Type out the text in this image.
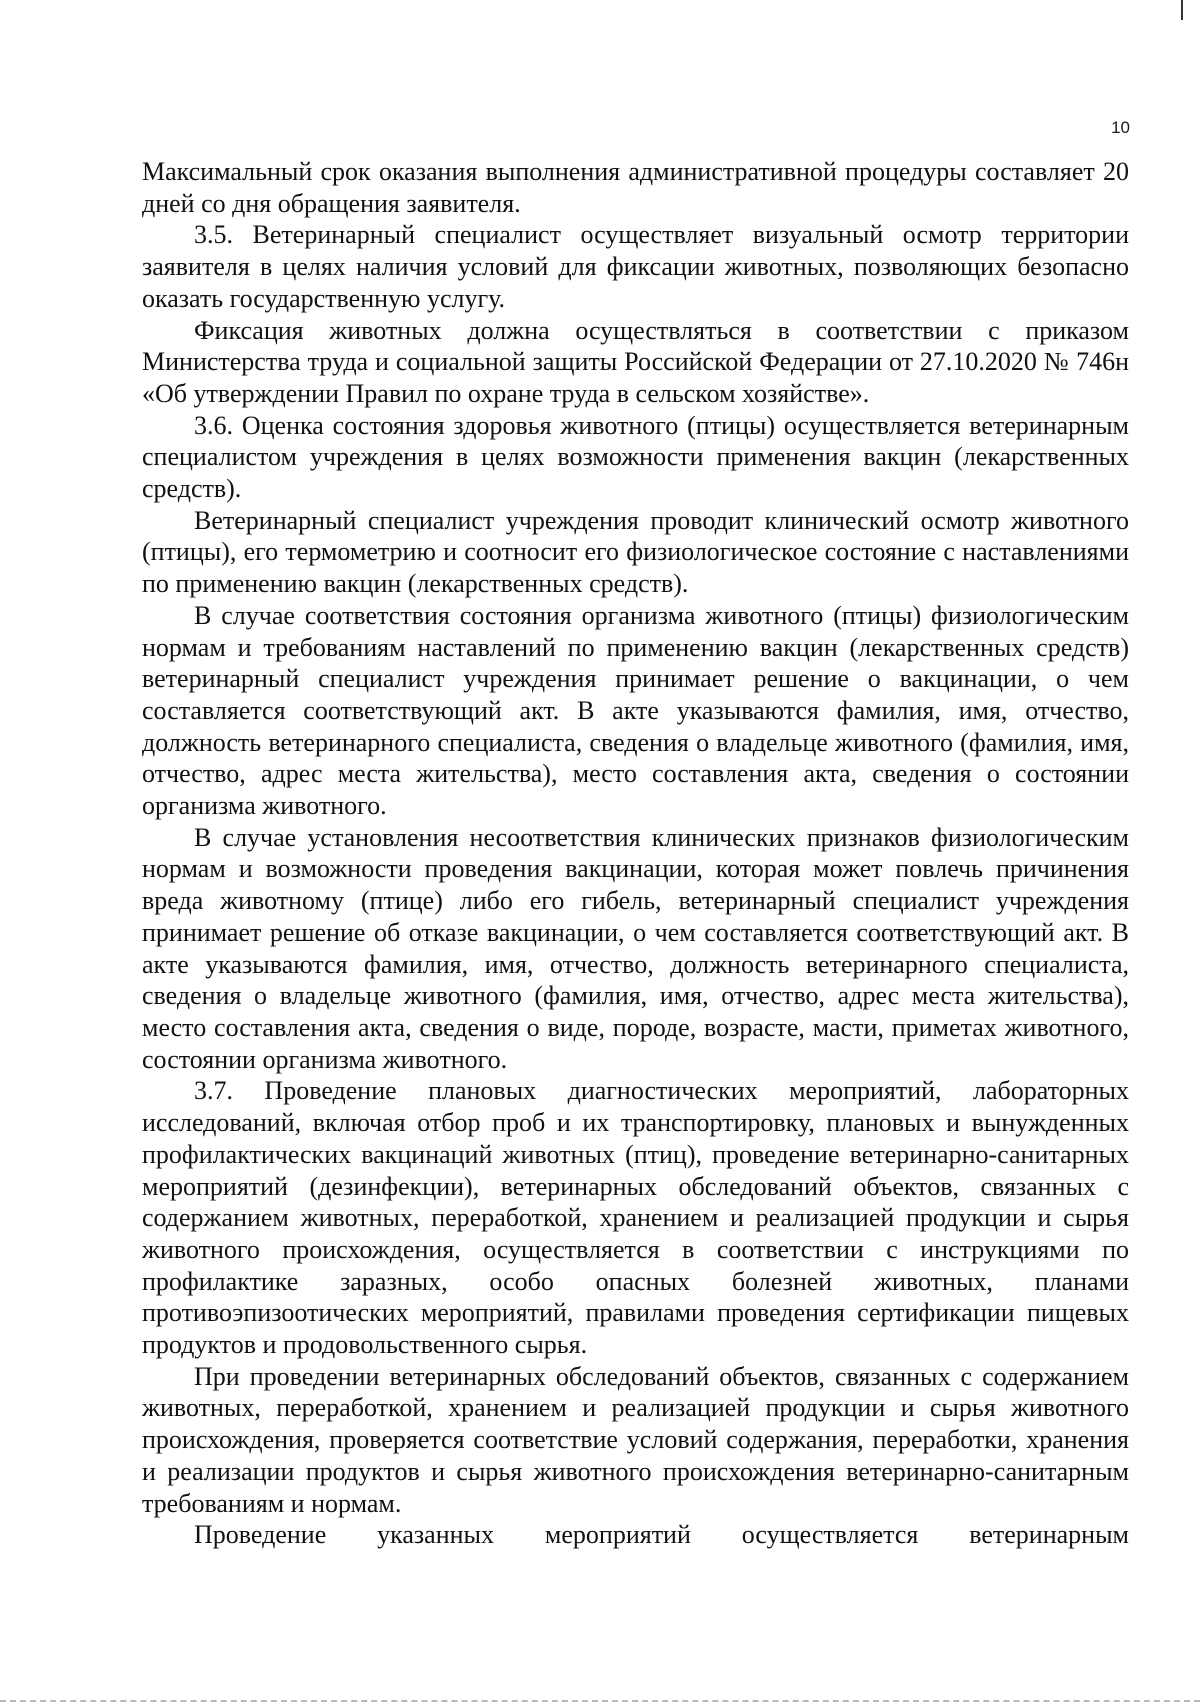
10

Максимальный срок оказания выполнения административной процедуры составляет 20 дней со дня обращения заявителя.

3.5. Ветеринарный специалист осуществляет визуальный осмотр территории заявителя в целях наличия условий для фиксации животных, позволяющих безопасно оказать государственную услугу.

Фиксация животных должна осуществляться в соответствии с приказом Министерства труда и социальной защиты Российской Федерации от 27.10.2020 № 746н «Об утверждении Правил по охране труда в сельском хозяйстве».

3.6. Оценка состояния здоровья животного (птицы) осуществляется ветеринарным специалистом учреждения в целях возможности применения вакцин (лекарственных средств).

Ветеринарный специалист учреждения проводит клинический осмотр животного (птицы), его термометрию и соотносит его физиологическое состояние с наставлениями по применению вакцин (лекарственных средств).

В случае соответствия состояния организма животного (птицы) физиологическим нормам и требованиям наставлений по применению вакцин (лекарственных средств) ветеринарный специалист учреждения принимает решение о вакцинации, о чем составляется соответствующий акт. В акте указываются фамилия, имя, отчество, должность ветеринарного специалиста, сведения о владельце животного (фамилия, имя, отчество, адрес места жительства), место составления акта, сведения о состоянии организма животного.

В случае установления несоответствия клинических признаков физиологическим нормам и возможности проведения вакцинации, которая может повлечь причинения вреда животному (птице) либо его гибель, ветеринарный специалист учреждения принимает решение об отказе вакцинации, о чем составляется соответствующий акт. В акте указываются фамилия, имя, отчество, должность ветеринарного специалиста, сведения о владельце животного (фамилия, имя, отчество, адрес места жительства), место составления акта, сведения о виде, породе, возрасте, масти, приметах животного, состоянии организма животного.

3.7. Проведение плановых диагностических мероприятий, лабораторных исследований, включая отбор проб и их транспортировку, плановых и вынужденных профилактических вакцинаций животных (птиц), проведение ветеринарно-санитарных мероприятий (дезинфекции), ветеринарных обследований объектов, связанных с содержанием животных, переработкой, хранением и реализацией продукции и сырья животного происхождения, осуществляется в соответствии с инструкциями по профилактике заразных, особо опасных болезней животных, планами противоэпизоотических мероприятий, правилами проведения сертификации пищевых продуктов и продовольственного сырья.

При проведении ветеринарных обследований объектов, связанных с содержанием животных, переработкой, хранением и реализацией продукции и сырья животного происхождения, проверяется соответствие условий содержания, переработки, хранения и реализации продуктов и сырья животного происхождения ветеринарно-санитарным требованиям и нормам.

Проведение указанных мероприятий осуществляется ветеринарным
